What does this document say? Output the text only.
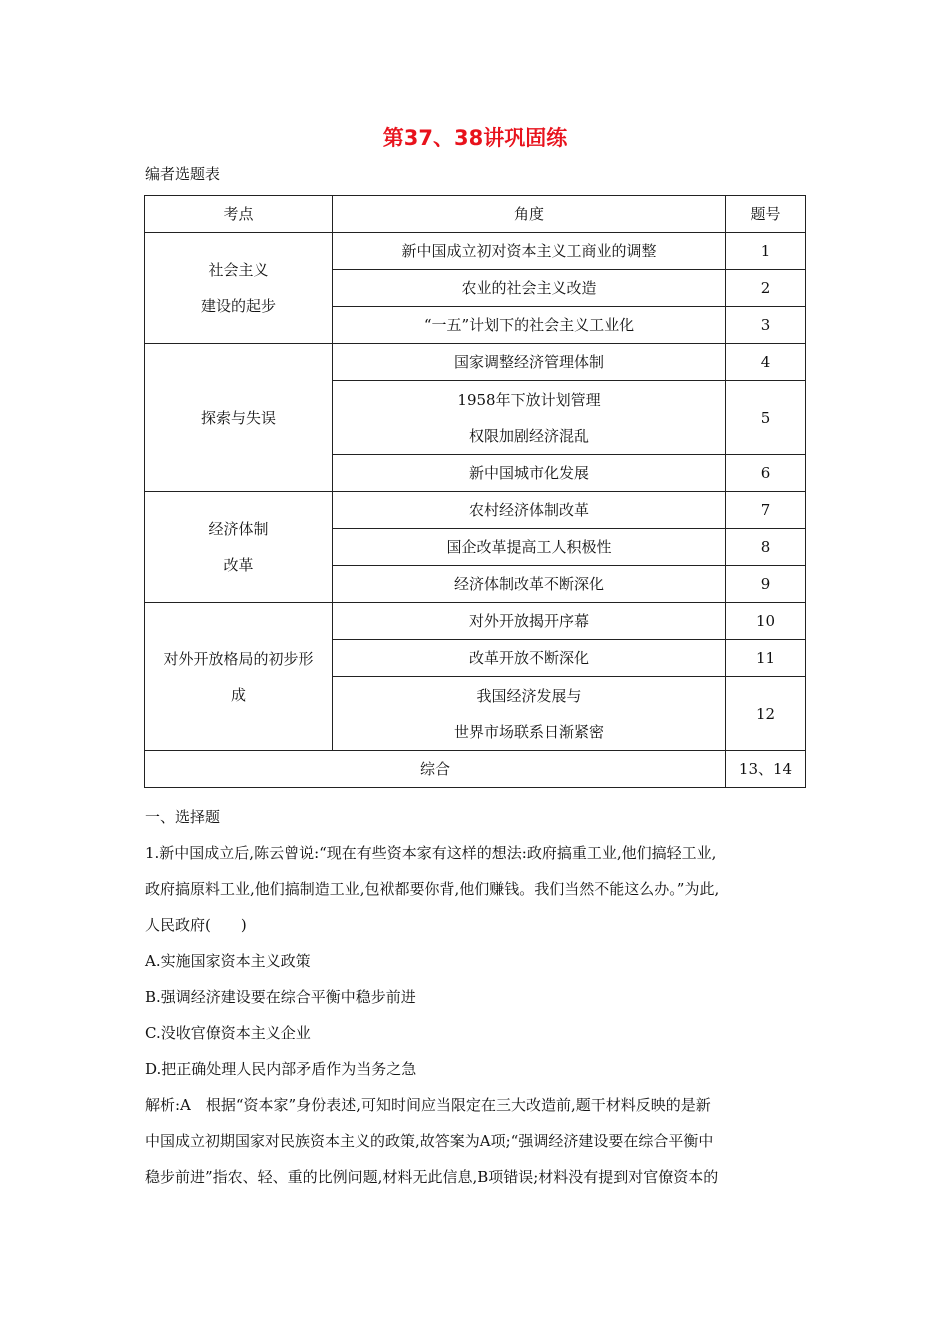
第37、38讲巩固练
编者选题表
考点	角度	题号

社会主义
建设的起步	新中国成立初对资本主义工商业的调整	1
	农业的社会主义改造	2
	“一五”计划下的社会主义工业化	3

探索与失误	国家调整经济管理体制	4

	1958年下放计划管理
权限加剧经济混乱	5
	新中国城市化发展	6

经济体制
改革	农村经济体制改革	7
	国企改革提高工人积极性	8
	经济体制改革不断深化	9

对外开放格局的初步形
成	对外开放揭开序幕	10
	改革开放不断深化	11

	我国经济发展与
世界市场联系日渐紧密	12
综合		13、14
一、选择题
1.新中国成立后,陈云曾说:“现在有些资本家有这样的想法:政府搞重工业,他们搞轻工业,
政府搞原料工业,他们搞制造工业,包袱都要你背,他们赚钱。我们当然不能这么办。”为此,
人民政府(　　)
A.实施国家资本主义政策
B.强调经济建设要在综合平衡中稳步前进
C.没收官僚资本主义企业
D.把正确处理人民内部矛盾作为当务之急
解析:A　根据“资本家”身份表述,可知时间应当限定在三大改造前,题干材料反映的是新
中国成立初期国家对民族资本主义的政策,故答案为A项;“强调经济建设要在综合平衡中
稳步前进”指农、轻、重的比例问题,材料无此信息,B项错误;材料没有提到对官僚资本的
